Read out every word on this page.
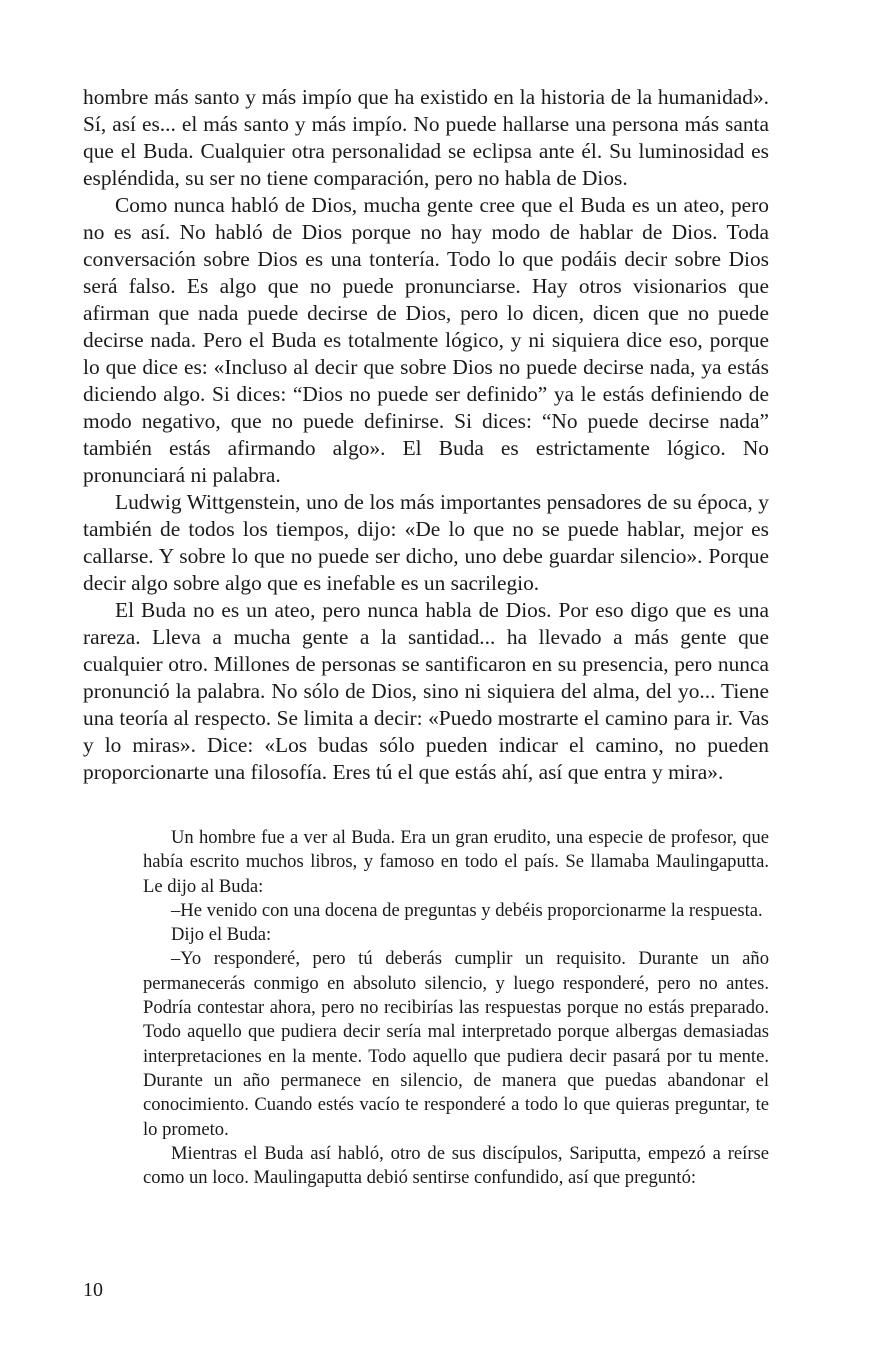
hombre más santo y más impío que ha existido en la historia de la humanidad». Sí, así es... el más santo y más impío. No puede hallarse una persona más santa que el Buda. Cualquier otra personalidad se eclipsa ante él. Su luminosidad es espléndida, su ser no tiene comparación, pero no habla de Dios.

Como nunca habló de Dios, mucha gente cree que el Buda es un ateo, pero no es así. No habló de Dios porque no hay modo de hablar de Dios. Toda conversación sobre Dios es una tontería. Todo lo que podáis decir sobre Dios será falso. Es algo que no puede pronunciarse. Hay otros visionarios que afirman que nada puede decirse de Dios, pero lo dicen, dicen que no puede decirse nada. Pero el Buda es totalmente lógico, y ni siquiera dice eso, porque lo que dice es: «Incluso al decir que sobre Dios no puede decirse nada, ya estás diciendo algo. Si dices: “Dios no puede ser definido” ya le estás definiendo de modo negativo, que no puede definirse. Si dices: “No puede decirse nada” también estás afirmando algo». El Buda es estrictamente lógico. No pronunciará ni palabra.

Ludwig Wittgenstein, uno de los más importantes pensadores de su época, y también de todos los tiempos, dijo: «De lo que no se puede hablar, mejor es callarse. Y sobre lo que no puede ser dicho, uno debe guardar silencio». Porque decir algo sobre algo que es inefable es un sacrilegio.

El Buda no es un ateo, pero nunca habla de Dios. Por eso digo que es una rareza. Lleva a mucha gente a la santidad... ha llevado a más gente que cualquier otro. Millones de personas se santificaron en su presencia, pero nunca pronunció la palabra. No sólo de Dios, sino ni siquiera del alma, del yo... Tiene una teoría al respecto. Se limita a decir: «Puedo mostrarte el camino para ir. Vas y lo miras». Dice: «Los budas sólo pueden indicar el camino, no pueden proporcionarte una filosofía. Eres tú el que estás ahí, así que entra y mira».

Un hombre fue a ver al Buda. Era un gran erudito, una especie de profesor, que había escrito muchos libros, y famoso en todo el país. Se llamaba Maulingaputta. Le dijo al Buda:

–He venido con una docena de preguntas y debéis proporcionarme la respuesta.

Dijo el Buda:

–Yo responderé, pero tú deberás cumplir un requisito. Durante un año permanecerás conmigo en absoluto silencio, y luego responderé, pero no antes. Podría contestar ahora, pero no recibirías las respuestas porque no estás preparado. Todo aquello que pudiera decir sería mal interpretado porque albergas demasiadas interpretaciones en la mente. Todo aquello que pudiera decir pasará por tu mente. Durante un año permanece en silencio, de manera que puedas abandonar el conocimiento. Cuando estés vacío te responderé a todo lo que quieras preguntar, te lo prometo.

Mientras el Buda así habló, otro de sus discípulos, Sariputta, empezó a reírse como un loco. Maulingaputta debió sentirse confundido, así que preguntó:

10
